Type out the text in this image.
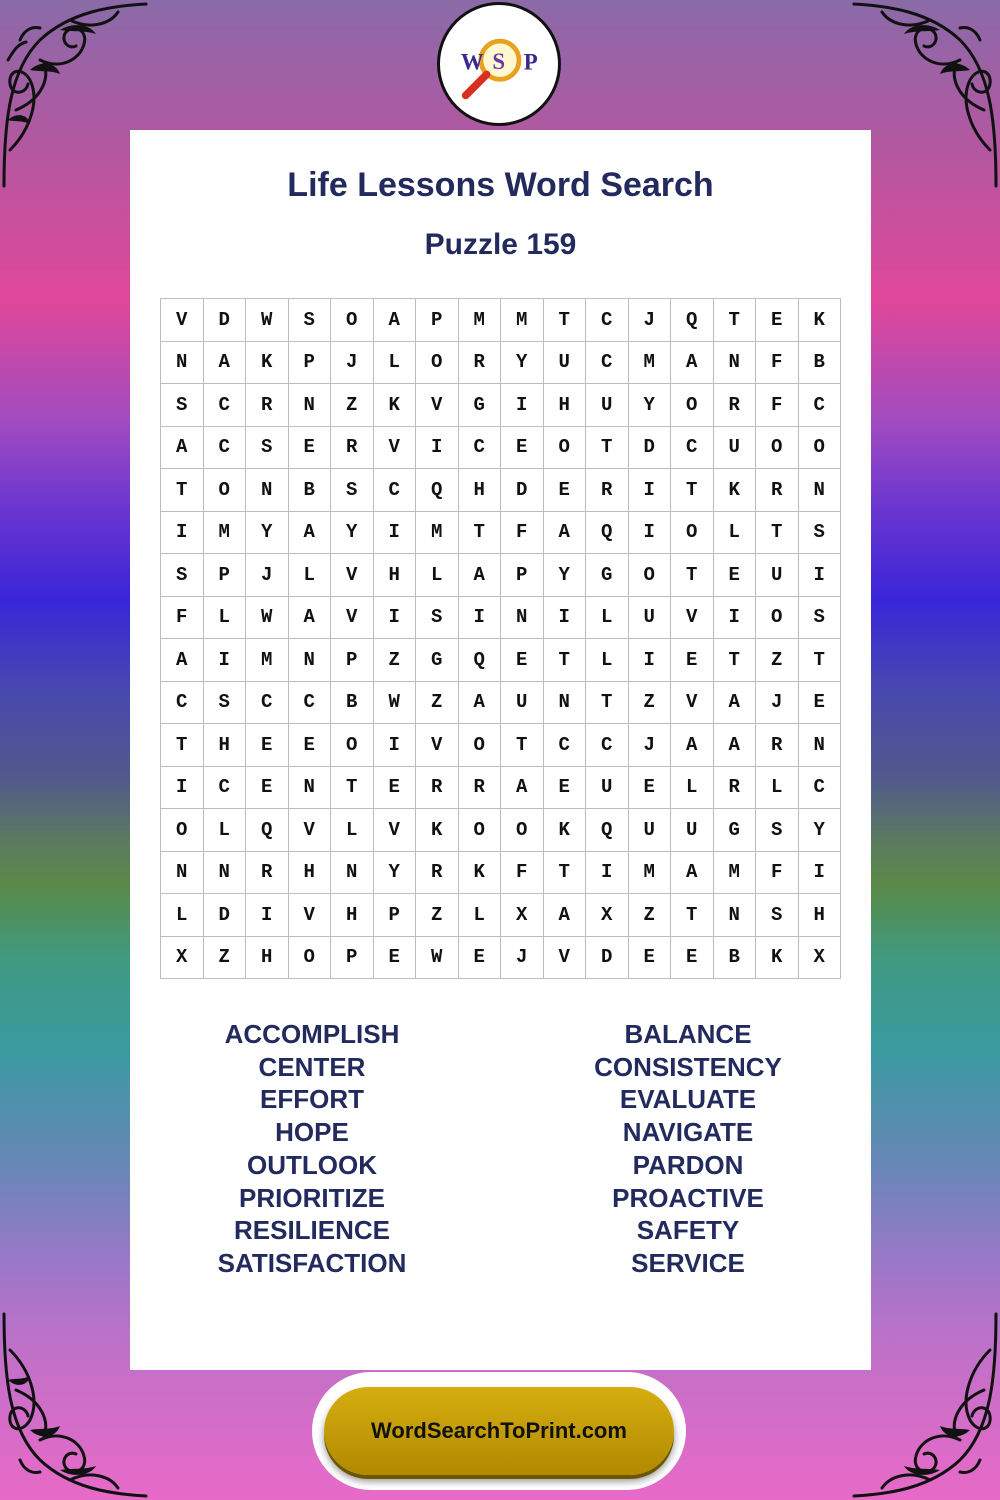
Life Lessons Word Search
Puzzle 159
V	D	W	S	O	A	P	M	M	T	C	J	Q	T	E	K
N	A	K	P	J	L	O	R	Y	U	C	M	A	N	F	B
S	C	R	N	Z	K	V	G	I	H	U	Y	O	R	F	C
A	C	S	E	R	V	I	C	E	O	T	D	C	U	O	O
T	O	N	B	S	C	Q	H	D	E	R	I	T	K	R	N
I	M	Y	A	Y	I	M	T	F	A	Q	I	O	L	T	S
S	P	J	L	V	H	L	A	P	Y	G	O	T	E	U	I
F	L	W	A	V	I	S	I	N	I	L	U	V	I	O	S
A	I	M	N	P	Z	G	Q	E	T	L	I	E	T	Z	T
C	S	C	C	B	W	Z	A	U	N	T	Z	V	A	J	E
T	H	E	E	O	I	V	O	T	C	C	J	A	A	R	N
I	C	E	N	T	E	R	R	A	E	U	E	L	R	L	C
O	L	Q	V	L	V	K	O	O	K	Q	U	U	G	S	Y
N	N	R	H	N	Y	R	K	F	T	I	M	A	M	F	I
L	D	I	V	H	P	Z	L	X	A	X	Z	T	N	S	H
X	Z	H	O	P	E	W	E	J	V	D	E	E	B	K	X
ACCOMPLISH
CENTER
EFFORT
HOPE
OUTLOOK
PRIORITIZE
RESILIENCE
SATISFACTION
BALANCE
CONSISTENCY
EVALUATE
NAVIGATE
PARDON
PROACTIVE
SAFETY
SERVICE
W S P
WordSearchToPrint.com
